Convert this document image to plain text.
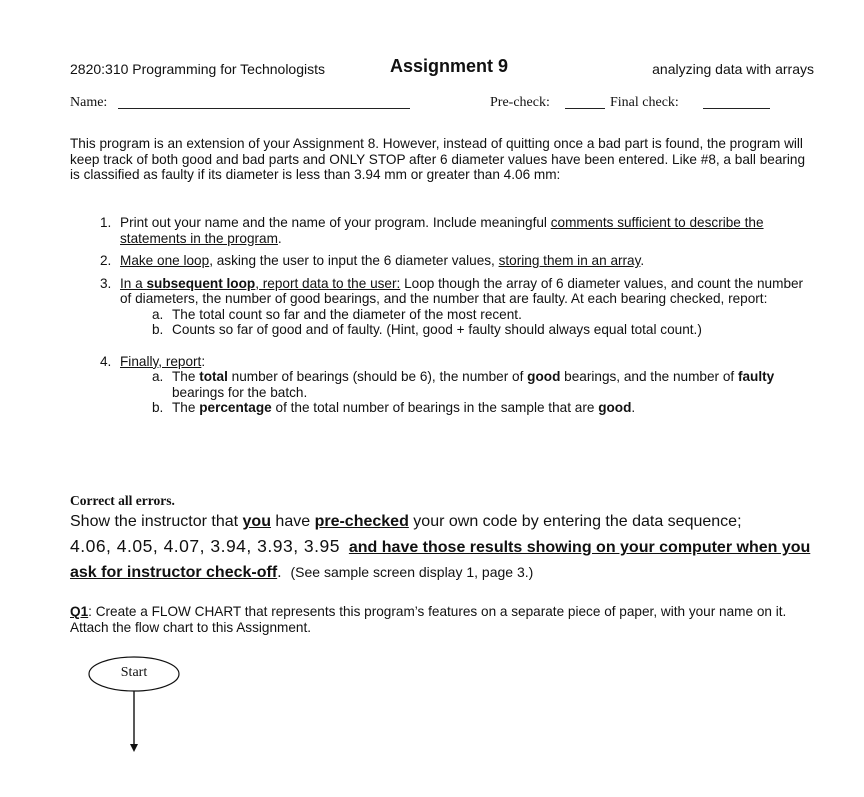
2820:310 Programming for Technologists	Assignment 9	analyzing data with arrays
Name:	Pre-check:	Final check:
This program is an extension of your Assignment 8. However, instead of quitting once a bad part is found, the program will keep track of both good and bad parts and ONLY STOP after 6 diameter values have been entered. Like #8, a ball bearing is classified as faulty if its diameter is less than 3.94 mm or greater than 4.06 mm:
1. Print out your name and the name of your program. Include meaningful comments sufficient to describe the statements in the program.
2. Make one loop, asking the user to input the 6 diameter values, storing them in an array.
3. In a subsequent loop, report data to the user: Loop though the array of 6 diameter values, and count the number of diameters, the number of good bearings, and the number that are faulty. At each bearing checked, report:
a. The total count so far and the diameter of the most recent.
b. Counts so far of good and of faulty. (Hint, good + faulty should always equal total count.)
4. Finally, report:
a. The total number of bearings (should be 6), the number of good bearings, and the number of faulty bearings for the batch.
b. The percentage of the total number of bearings in the sample that are good.
Correct all errors.
Show the instructor that you have pre-checked your own code by entering the data sequence;
4.06, 4.05, 4.07, 3.94, 3.93, 3.95 and have those results showing on your computer when you ask for instructor check-off. (See sample screen display 1, page 3.)
Q1: Create a FLOW CHART that represents this program’s features on a separate piece of paper, with your name on it. Attach the flow chart to this Assignment.
Start
